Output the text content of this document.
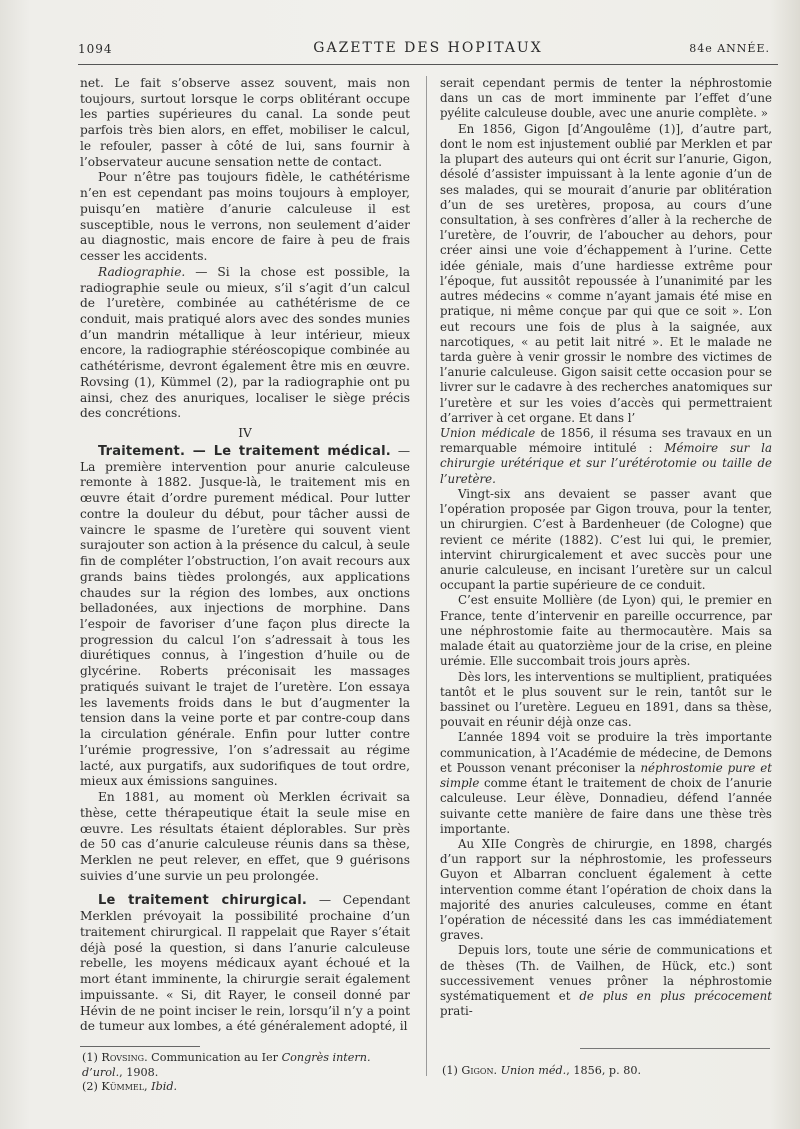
1094	GAZETTE DES HOPITAUX	84e ANNÉE.

net. Le fait s’observe assez souvent, mais non toujours, surtout lorsque le corps oblitérant occupe les parties supérieures du canal. La sonde peut parfois très bien alors, en effet, mobiliser le calcul, le refouler, passer à côté de lui, sans fournir à l’observateur aucune sensation nette de contact.

Pour n’être pas toujours fidèle, le cathétérisme n’en est cependant pas moins toujours à employer, puisqu’en matière d’anurie calculeuse il est susceptible, nous le verrons, non seulement d’aider au diagnostic, mais encore de faire à peu de frais cesser les accidents.

Radiographie. — Si la chose est possible, la radiographie seule ou mieux, s’il s’agit d’un calcul de l’uretère, combinée au cathétérisme de ce conduit, mais pratiqué alors avec des sondes munies d’un mandrin métallique à leur intérieur, mieux encore, la radiographie stéréoscopique combinée au cathétérisme, devront également être mis en œuvre. Rovsing (1), Kümmel (2), par la radiographie ont pu ainsi, chez des anuriques, localiser le siège précis des concrétions.

IV

Traitement. — Le traitement médical. — La première intervention pour anurie calculeuse remonte à 1882. Jusque-là, le traitement mis en œuvre était d’ordre purement médical. Pour lutter contre la douleur du début, pour tâcher aussi de vaincre le spasme de l’uretère qui souvent vient surajouter son action à la présence du calcul, à seule fin de compléter l’obstruction, l’on avait recours aux grands bains tièdes prolongés, aux applications chaudes sur la région des lombes, aux onctions belladonées, aux injections de morphine. Dans l’espoir de favoriser d’une façon plus directe la progression du calcul l’on s’adressait à tous les diurétiques connus, à l’ingestion d’huile ou de glycérine. Roberts préconisait les massages pratiqués suivant le trajet de l’uretère. L’on essaya les lavements froids dans le but d’augmenter la tension dans la veine porte et par contre-coup dans la circulation générale. Enfin pour lutter contre l’urémie progressive, l’on s’adressait au régime lacté, aux purgatifs, aux sudorifiques de tout ordre, mieux aux émissions sanguines.

En 1881, au moment où Merklen écrivait sa thèse, cette thérapeutique était la seule mise en œuvre. Les résultats étaient déplorables. Sur près de 50 cas d’anurie calculeuse réunis dans sa thèse, Merklen ne peut relever, en effet, que 9 guérisons suivies d’une survie un peu prolongée.

Le traitement chirurgical. — Cependant Merklen prévoyait la possibilité prochaine d’un traitement chirurgical. Il rappelait que Rayer s’était déjà posé la question, si dans l’anurie calculeuse rebelle, les moyens médicaux ayant échoué et la mort étant imminente, la chirurgie serait également impuissante. « Si, dit Rayer, le conseil donné par Hévin de ne point inciser le rein, lorsqu’il n’y a point de tumeur aux lombes, a été généralement adopté, il

serait cependant permis de tenter la néphrostomie dans un cas de mort imminente par l’effet d’une pyélite calculeuse double, avec une anurie complète. »

En 1856, Gigon [d’Angoulême (1)], d’autre part, dont le nom est injustement oublié par Merklen et par la plupart des auteurs qui ont écrit sur l’anurie, Gigon, désolé d’assister impuissant à la lente agonie d’un de ses malades, qui se mourait d’anurie par oblitération d’un de ses uretères, proposa, au cours d’une consultation, à ses confrères d’aller à la recherche de l’uretère, de l’ouvrir, de l’aboucher au dehors, pour créer ainsi une voie d’échappement à l’urine. Cette idée géniale, mais d’une hardiesse extrême pour l’époque, fut aussitôt repoussée à l’unanimité par les autres médecins « comme n’ayant jamais été mise en pratique, ni même conçue par qui que ce soit ». L’on eut recours une fois de plus à la saignée, aux narcotiques, « au petit lait nitré ». Et le malade ne tarda guère à venir grossir le nombre des victimes de l’anurie calculeuse. Gigon saisit cette occasion pour se livrer sur le cadavre à des recherches anatomiques sur l’uretère et sur les voies d’accès qui permettraient d’arriver à cet organe. Et dans l’

Union médicale de 1856, il résuma ses travaux en un remarquable mémoire intitulé : Mémoire sur la chirurgie urétérique et sur l’urétérotomie ou taille de l’uretère.

Vingt-six ans devaient se passer avant que l’opération proposée par Gigon trouva, pour la tenter, un chirurgien. C’est à Bardenheuer (de Cologne) que revient ce mérite (1882). C’est lui qui, le premier, intervint chirurgicalement et avec succès pour une anurie calculeuse, en incisant l’uretère sur un calcul occupant la partie supérieure de ce conduit.

C’est ensuite Mollière (de Lyon) qui, le premier en France, tente d’intervenir en pareille occurrence, par une néphrostomie faite au thermocautère. Mais sa malade était au quatorzième jour de la crise, en pleine urémie. Elle succombait trois jours après.

Dès lors, les interventions se multiplient, pratiquées tantôt et le plus souvent sur le rein, tantôt sur le bassinet ou l’uretère. Legueu en 1891, dans sa thèse, pouvait en réunir déjà onze cas.

L’année 1894 voit se produire la très importante communication, à l’Académie de médecine, de Demons et Pousson venant préconiser la néphrostomie pure et simple comme étant le traitement de choix de l’anurie calculeuse. Leur élève, Donnadieu, défend l’année suivante cette manière de faire dans une thèse très importante.

Au XIIe Congrès de chirurgie, en 1898, chargés d’un rapport sur la néphrostomie, les professeurs Guyon et Albarran concluent également à cette intervention comme étant l’opération de choix dans la majorité des anuries calculeuses, comme en étant l’opération de nécessité dans les cas immédiatement graves.

Depuis lors, toute une série de communications et de thèses (Th. de Vailhen, de Hück, etc.) sont successivement venues prôner la néphrostomie systématiquement et de plus en plus précocement prati-

(1) Rovsing. Communication au Ier Congrès intern. d’urol., 1908.
(2) Kümmel, Ibid.
(1) Gigon. Union méd., 1856, p. 80.
